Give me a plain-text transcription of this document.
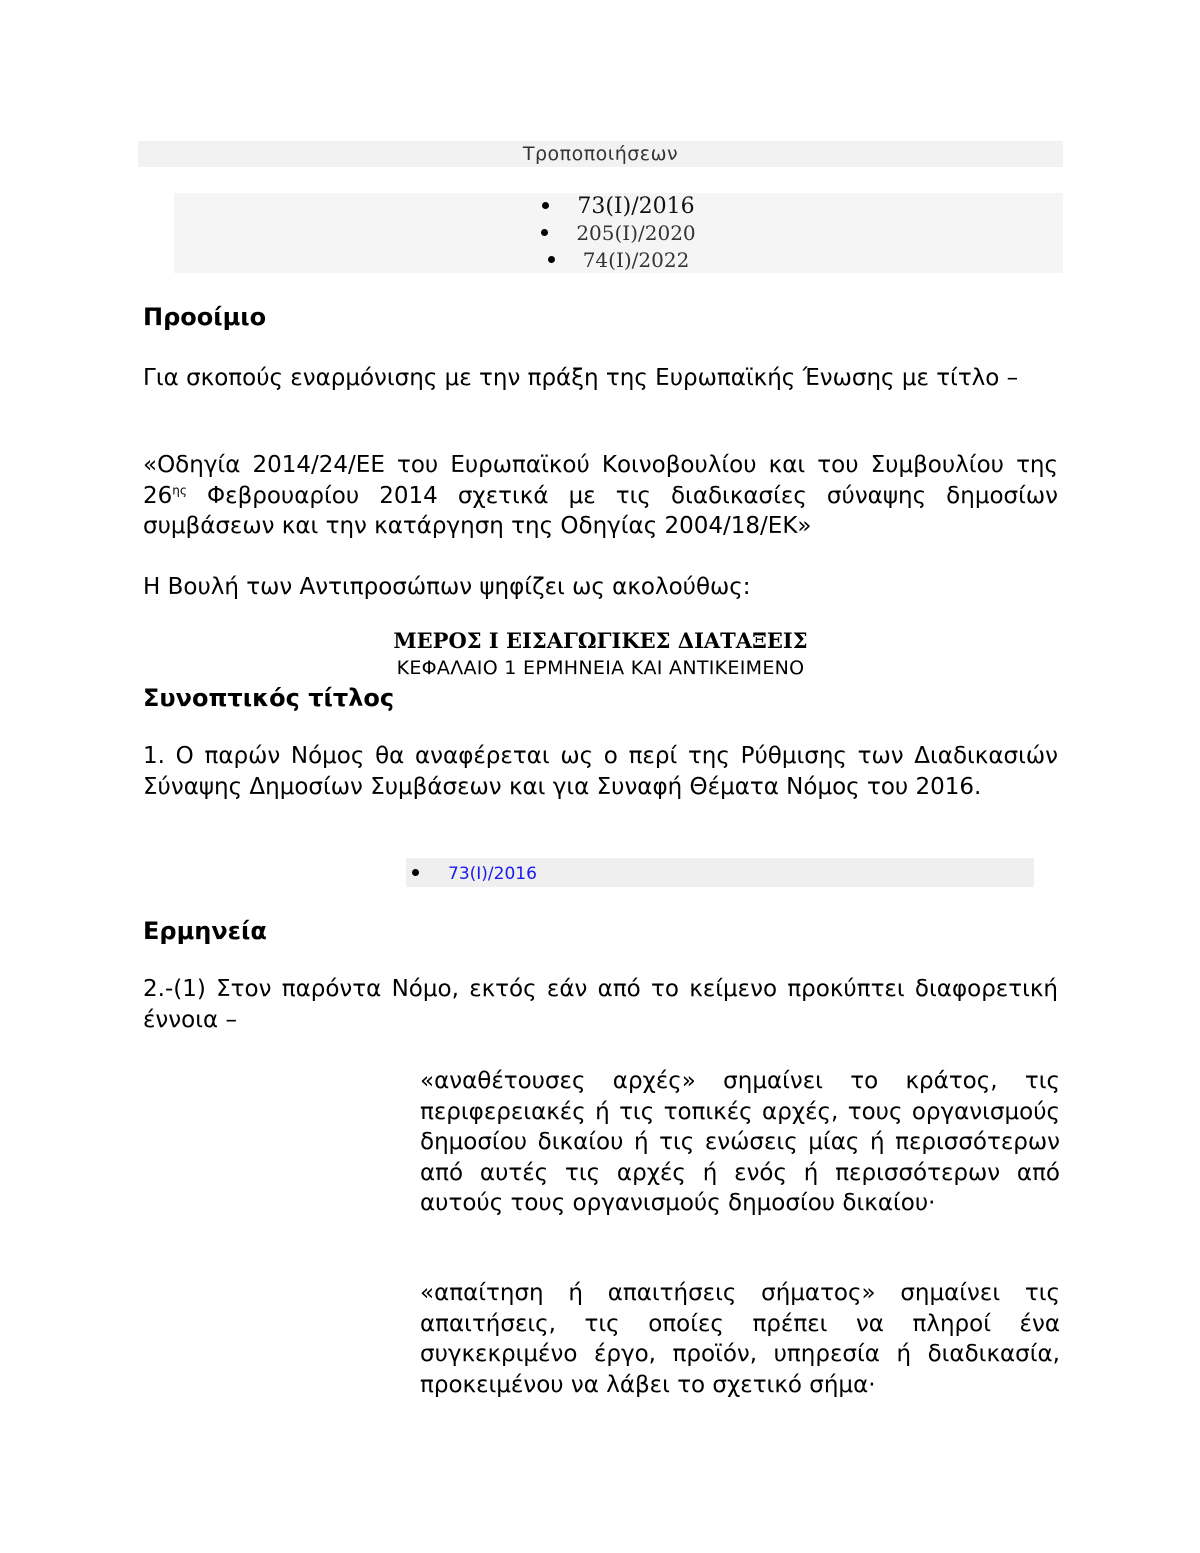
Τροποποιήσεων
73(I)/2016
205(Ι)/2020
74(Ι)/2022
Προοίμιο

Για σκοπούς εναρμόνισης με την πράξη της Ευρωπαϊκής Ένωσης με τίτλο –

«Οδηγία 2014/24/ΕΕ του Ευρωπαϊκού Κοινοβουλίου και του Συμβουλίου της $26^{\eta\varsigma}$ Φεβρουαρίου 2014 σχετικά με τις διαδικασίες σύναψης δημοσίων συμβάσεων και την κατάργηση της Οδηγίας 2004/18/ΕΚ»

Η Βουλή των Αντιπροσώπων ψηφίζει ως ακολούθως:

ΜΕΡΟΣ Ι ΕΙΣΑΓΩΓΙΚΕΣ ΔΙΑΤΑΞΕΙΣ
ΚΕΦΑΛΑΙΟ 1 ΕΡΜΗΝΕΙΑ ΚΑΙ ΑΝΤΙΚΕΙΜΕΝΟ
Συνοπτικός τίτλος

1. Ο παρών Νόμος θα αναφέρεται ως ο περί της Ρύθμισης των Διαδικασιών Σύναψης Δημοσίων Συμβάσεων και για Συναφή Θέματα Νόμος του 2016.

73(I)/2016
Ερμηνεία

2.-(1) Στον παρόντα Νόμο, εκτός εάν από το κείμενο προκύπτει διαφορετική έννοια –

«αναθέτουσες αρχές» σημαίνει το κράτος, τις περιφερειακές ή τις τοπικές αρχές, τους οργανισμούς δημοσίου δικαίου ή τις ενώσεις μίας ή περισσότερων από αυτές τις αρχές ή ενός ή περισσότερων από αυτούς τους οργανισμούς δημοσίου δικαίου·

«απαίτηση ή απαιτήσεις σήματος» σημαίνει τις απαιτήσεις, τις οποίες πρέπει να πληροί ένα συγκεκριμένο έργο, προϊόν, υπηρεσία ή διαδικασία, προκειμένου να λάβει το σχετικό σήμα·
